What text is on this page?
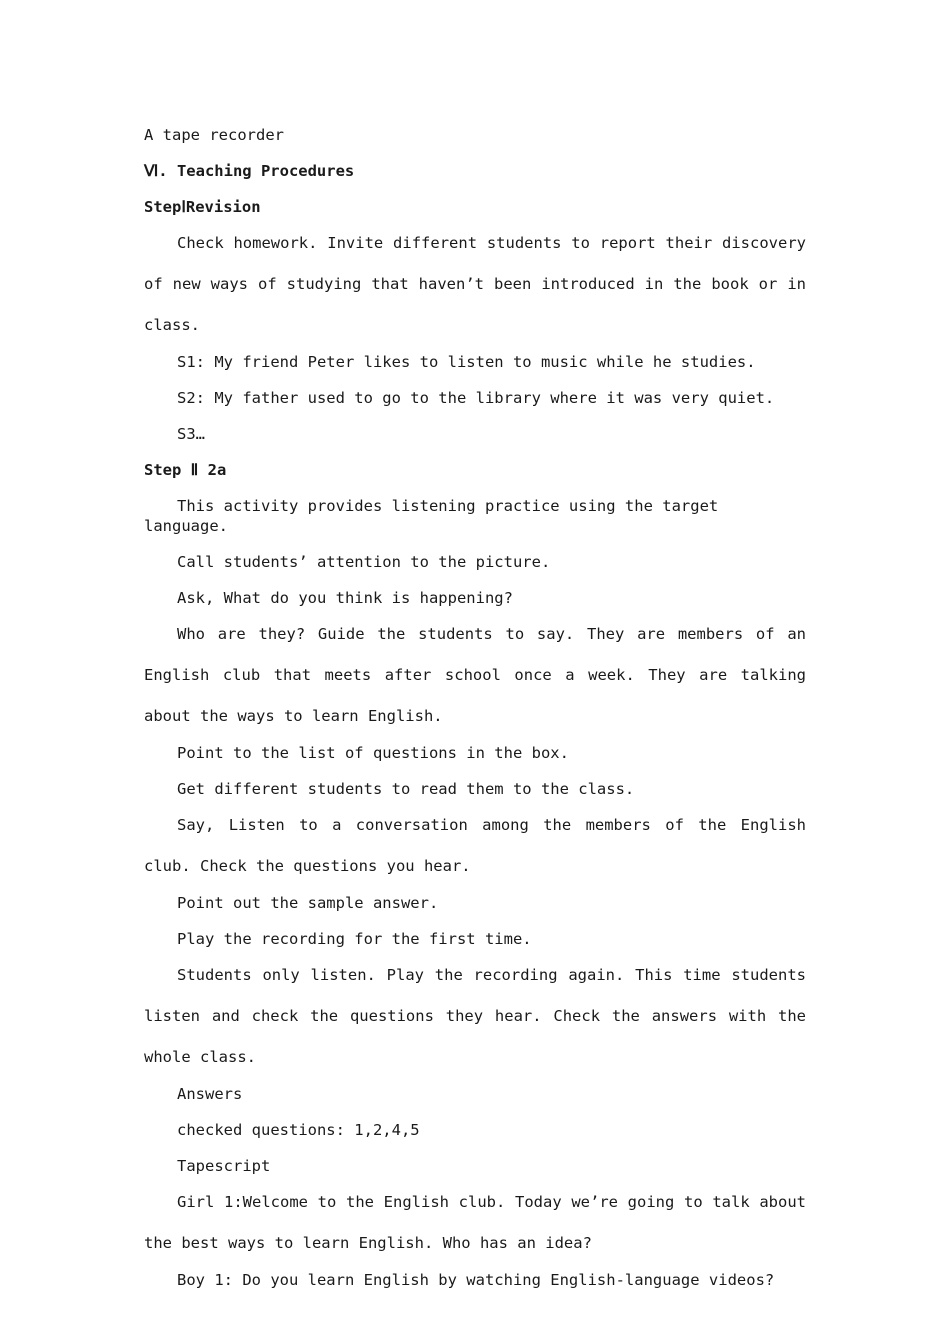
A tape recorder

Ⅵ. Teaching Procedures

StepⅠRevision

Check homework. Invite different students to report their discovery of new ways of studying that haven’t been introduced in the book or in class.

S1: My friend Peter likes to listen to music while he studies.

S2: My father used to go to the library where it was very quiet.

S3…

Step Ⅱ 2a

This activity provides listening practice using the target language.

Call students’ attention to the picture.

Ask, What do you think is happening?

Who are they? Guide the students to say. They are members of an English club that meets after school once a week. They are talking about the ways to learn English.

Point to the list of questions in the box.

Get different students to read them to the class.

Say, Listen to a conversation among the members of the English club. Check the questions you hear.

Point out the sample answer.

Play the recording for the first time.

Students only listen. Play the recording again. This time students listen and check the questions they hear. Check the answers with the whole class.

Answers

checked questions: 1,2,4,5

Tapescript

Girl 1:Welcome to the English club. Today we’re going to talk about the best ways to learn English. Who has an idea?

Boy 1: Do you learn English by watching English-language videos?
